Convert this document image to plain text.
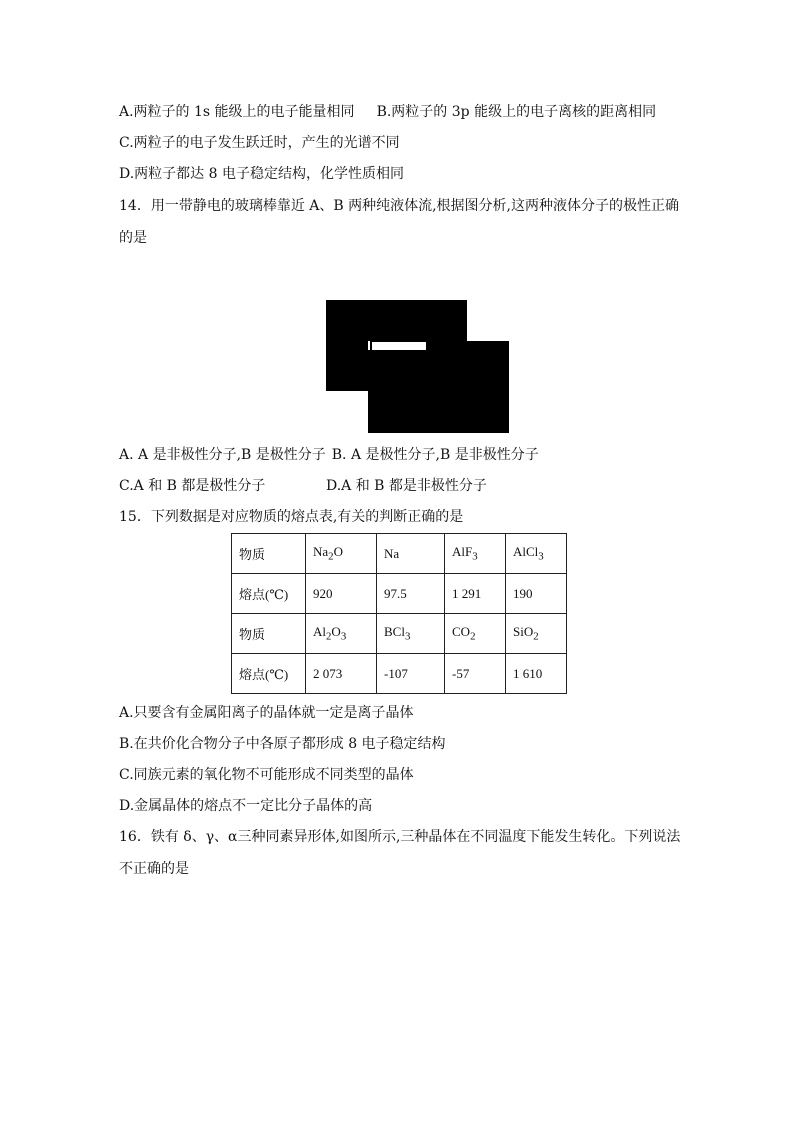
A.两粒子的 1s 能级上的电子能量相同 B.两粒子的 3p 能级上的电子离核的距离相同
C.两粒子的电子发生跃迁时，产生的光谱不同
D.两粒子都达 8 电子稳定结构，化学性质相同
14．用一带静电的玻璃棒靠近 A、B 两种纯液体流,根据图分析,这两种液体分子的极性正确
的是
A. A 是非极性分子,B 是极性分子 B. A 是极性分子,B 是非极性分子
C.A 和 B 都是极性分子	D.A 和 B 都是非极性分子
15．下列数据是对应物质的熔点表,有关的判断正确的是
物质	$Na_2O$	Na	AlF$_3$	AlCl$_3$
熔点(℃)	920	97.5	1 291	190
物质	$Al_2O_3$	BCl$_3$	$CO_2$	SiO$_2$
熔点(℃)	2 073	-107	-57	1 610
A.只要含有金属阳离子的晶体就一定是离子晶体
B.在共价化合物分子中各原子都形成 8 电子稳定结构
C.同族元素的氧化物不可能形成不同类型的晶体
D.金属晶体的熔点不一定比分子晶体的高
16．铁有 δ、γ、α三种同素异形体,如图所示,三种晶体在不同温度下能发生转化。下列说法
不正确的是
